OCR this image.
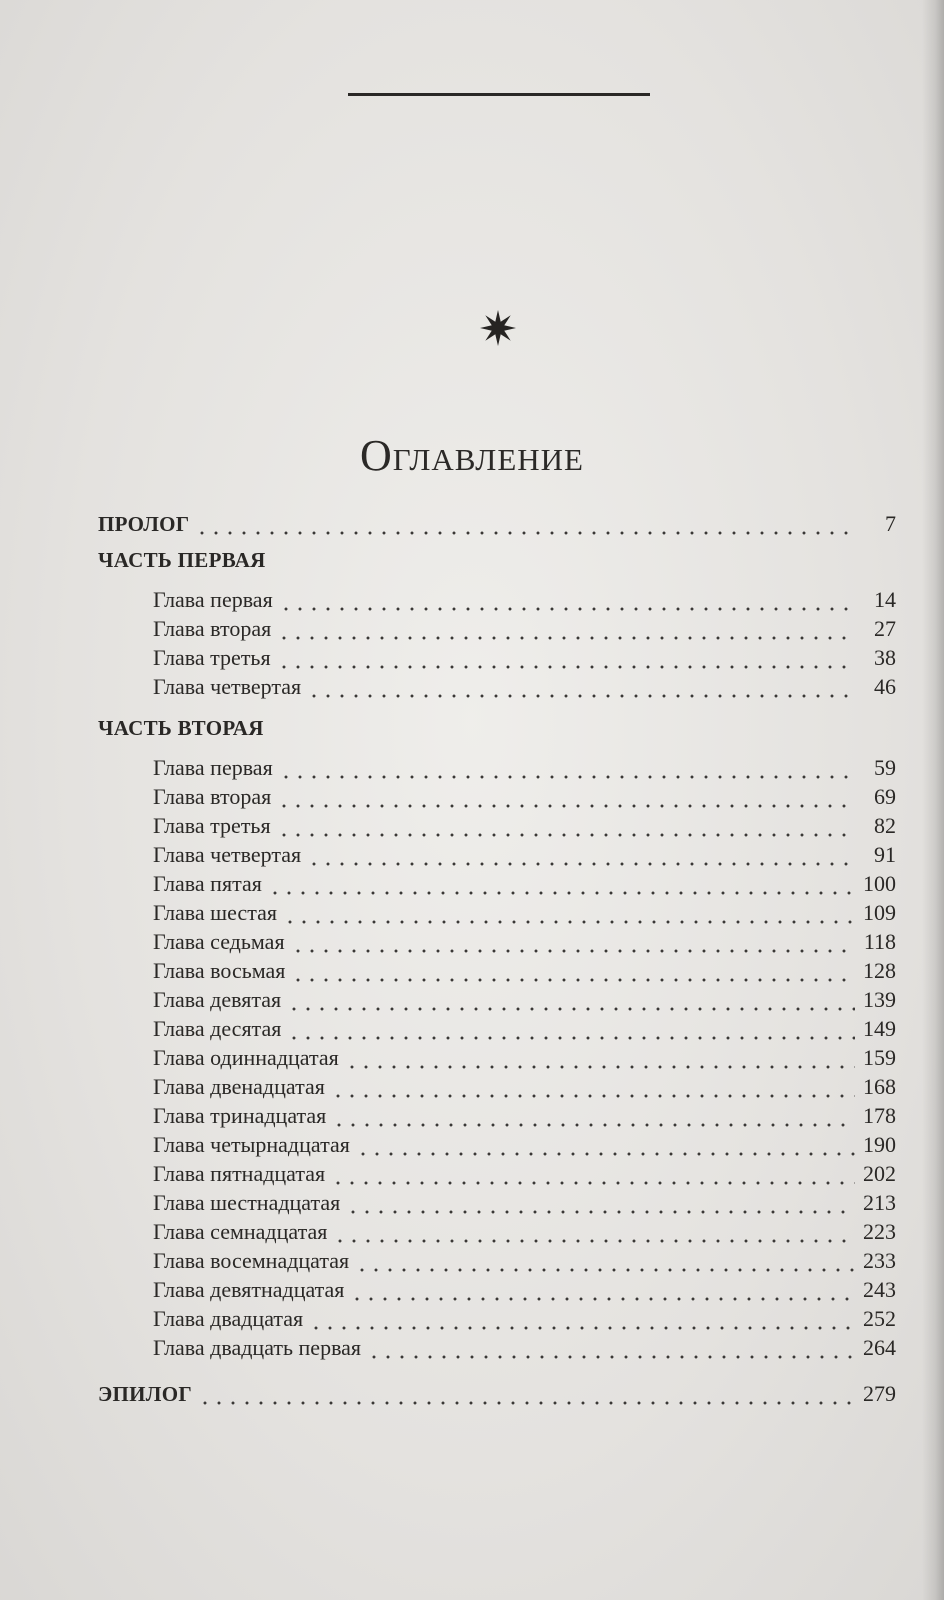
Оглавление
ПРОЛОГ	7
ЧАСТЬ ПЕРВАЯ
Глава первая	14
Глава вторая	27
Глава третья	38
Глава четвертая	46
ЧАСТЬ ВТОРАЯ
Глава первая	59
Глава вторая	69
Глава третья	82
Глава четвертая	91
Глава пятая	100
Глава шестая	109
Глава седьмая	118
Глава восьмая	128
Глава девятая	139
Глава десятая	149
Глава одиннадцатая	159
Глава двенадцатая	168
Глава тринадцатая	178
Глава четырнадцатая	190
Глава пятнадцатая	202
Глава шестнадцатая	213
Глава семнадцатая	223
Глава восемнадцатая	233
Глава девятнадцатая	243
Глава двадцатая	252
Глава двадцать первая	264
ЭПИЛОГ	279
